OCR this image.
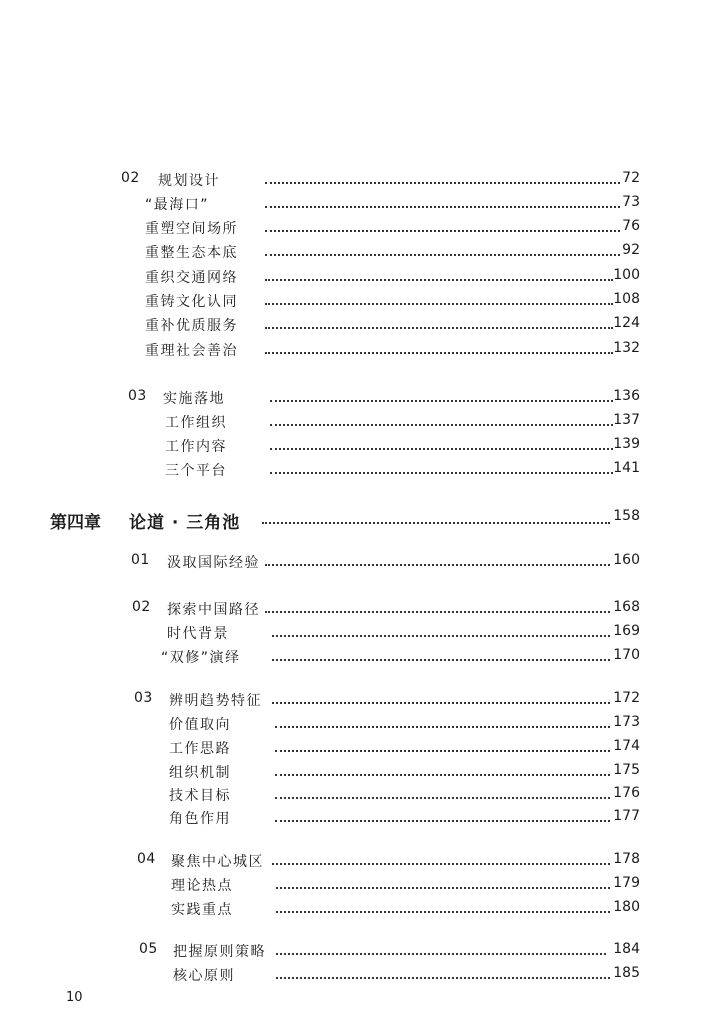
02 规划设计	72
“最海口”	73
重塑空间场所	76
重整生态本底	92
重织交通网络	100
重铸文化认同	108
重补优质服务	124
重理社会善治	132
03 实施落地	136
工作组织	137
工作内容	139
三个平台	141
第四章 论道 · 三角池	158
01 汲取国际经验	160
02 探索中国路径	168
时代背景	169
“双修”演绎	170
03 辨明趋势特征	172
价值取向	173
工作思路	174
组织机制	175
技术目标	176
角色作用	177
04 聚焦中心城区	178
理论热点	179
实践重点	180
05 把握原则策略	184
核心原则	185
10
